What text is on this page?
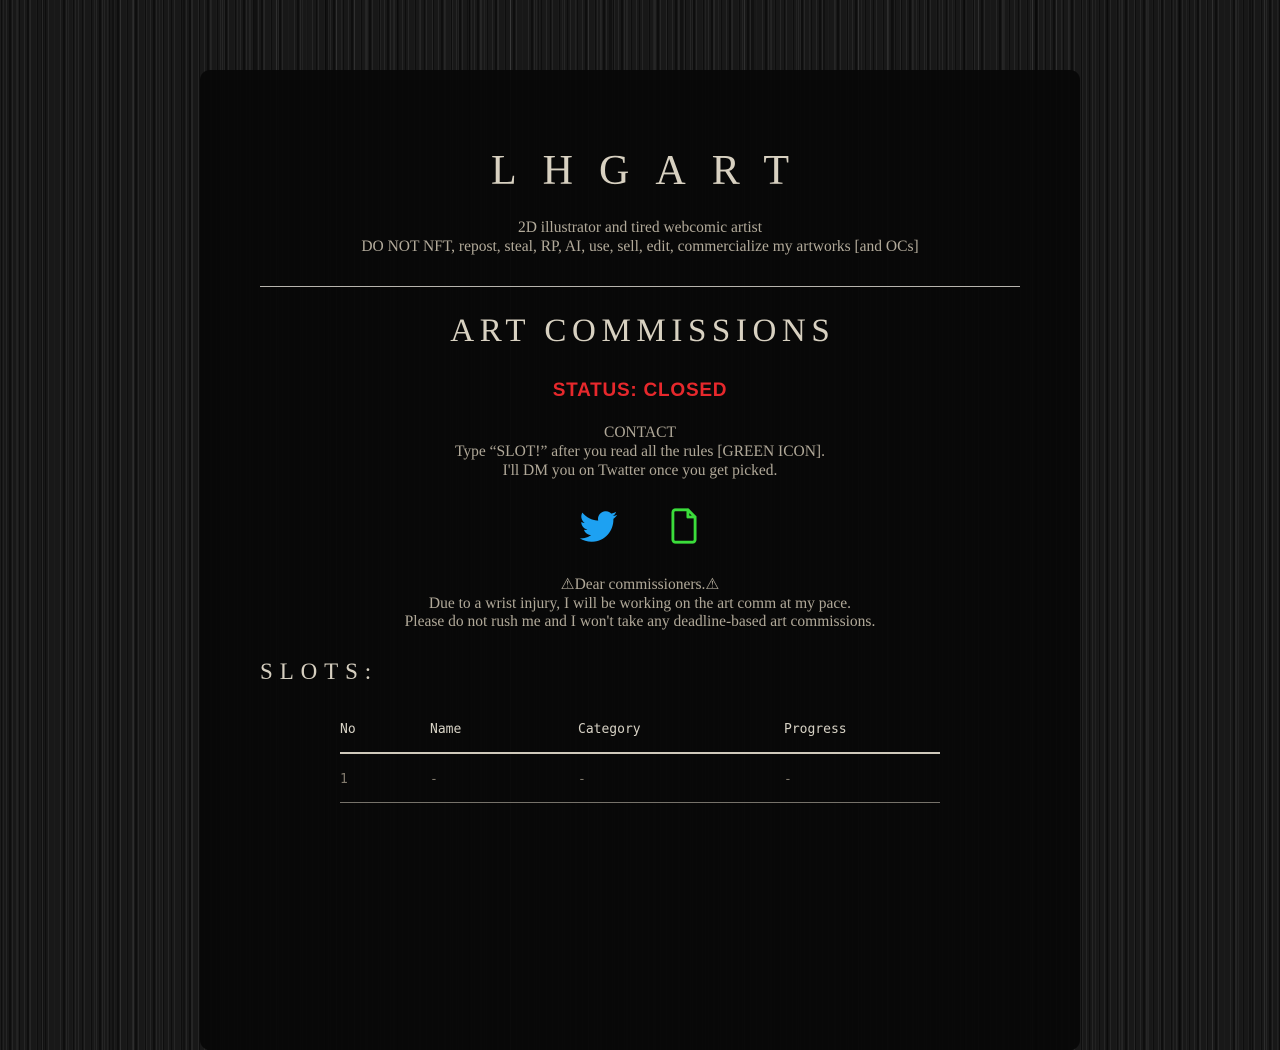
LHGART
2D illustrator and tired webcomic artist
DO NOT NFT, repost, steal, RP, AI, use, sell, edit, commercialize my artworks [and OCs]
ART COMMISSIONS
STATUS: CLOSED
CONTACT
Type “SLOT!” after you read all the rules [GREEN ICON].
I'll DM you on Twatter once you get picked.
⚠Dear commissioners.⚠
Due to a wrist injury, I will be working on the art comm at my pace.
Please do not rush me and I won't take any deadline-based art commissions.
SLOTS:
No	Name	Category	Progress
1	-	-	-
